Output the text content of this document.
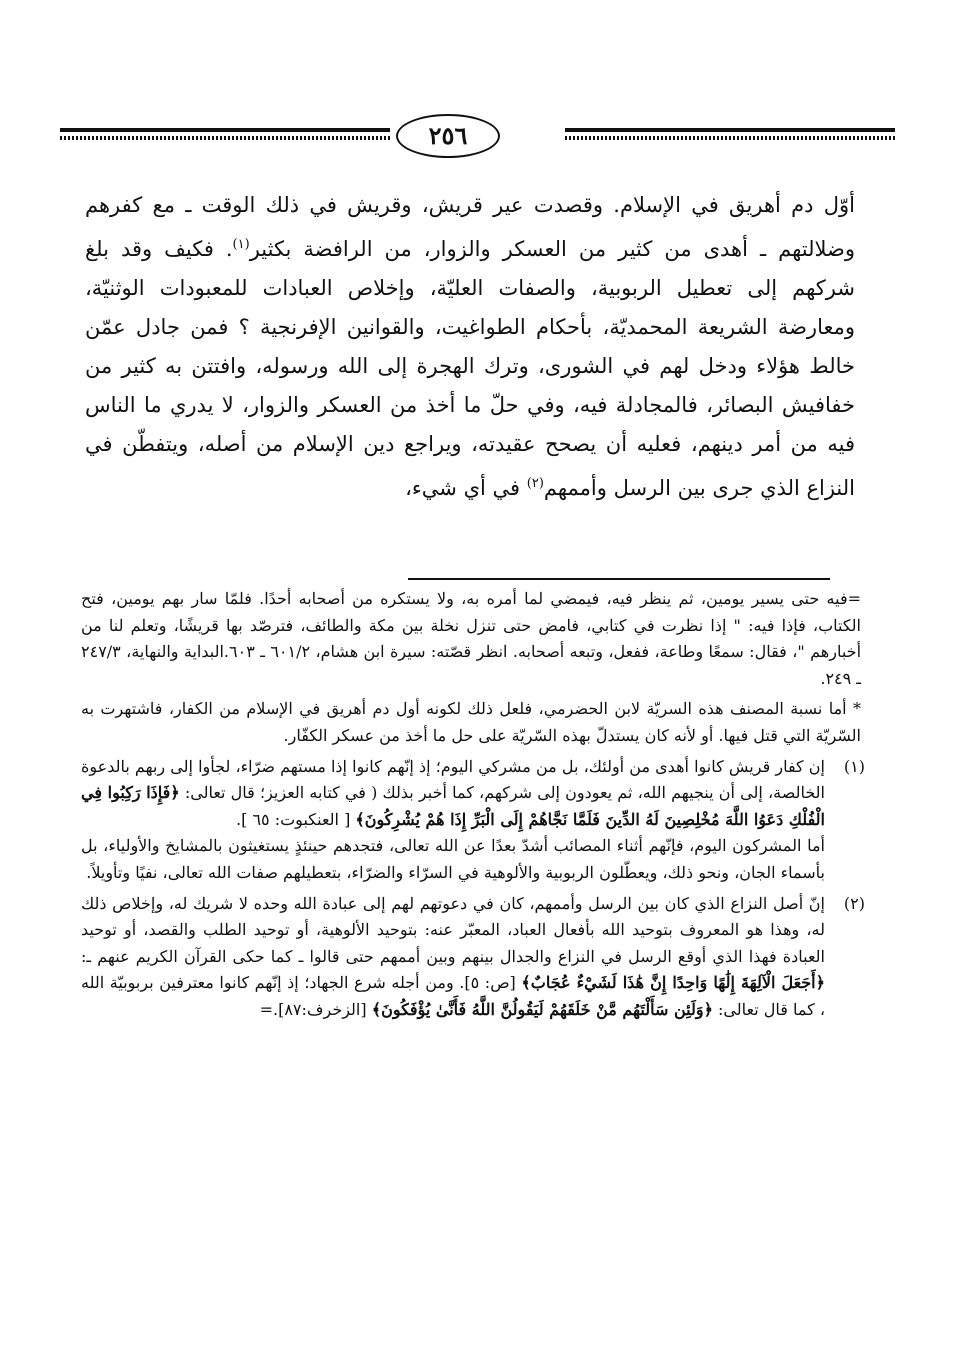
٢٥٦
أوّل دم أهريق في الإسلام. وقصدت عير قريش، وقريش في ذلك الوقت ـ مع كفرهم وضلالتهم ـ أهدى من كثير من العسكر والزوار، من الرافضة بكثير$^{(١)}$. فكيف وقد بلغ شركهم إلى تعطيل الربوبية، والصفات العليّة، وإخلاص العبادات للمعبودات الوثنيّة، ومعارضة الشريعة المحمديّة، بأحكام الطواغيت، والقوانين الإفرنجية ؟ فمن جادل عمّن خالط هؤلاء ودخل لهم في الشورى، وترك الهجرة إلى الله ورسوله، وافتتن به كثير من خفافيش البصائر، فالمجادلة فيه، وفي حلّ ما أخذ من العسكر والزوار، لا يدري ما الناس فيه من أمر دينهم، فعليه أن يصحح عقيدته، ويراجع دين الإسلام من أصله، ويتفطّن في النزاع الذي جرى بين الرسل وأممهم$^{(٢)}$ في أي شيء،

=فيه حتى يسير يومين، ثم ينظر فيه، فيمضي لما أمره به، ولا يستكره من أصحابه أحدًا. فلمّا سار بهم يومين، فتح الكتاب، فإذا فيه: " إذا نظرت في كتابي، فامض حتى تنزل نخلة بين مكة والطائف، فترصّد بها قريشًا، وتعلم لنا من أخبارهم "، فقال: سمعًا وطاعة، ففعل، وتبعه أصحابه. انظر قصّته: سيرة ابن هشام، ٦٠١/٢ ـ ٦٠٣.البداية والنهاية، ٢٤٧/٣ ـ ٢٤٩.

* أما نسبة المصنف هذه السريّة لابن الحضرمي، فلعل ذلك لكونه أول دم أهريق في الإسلام من الكفار، فاشتهرت به السّريّة التي قتل فيها. أو لأنه كان يستدلّ بهذه السّريّة على حل ما أخذ من عسكر الكفّار.

(١)
إن كفار قريش كانوا أهدى من أولئك، بل من مشركي اليوم؛ إذ إنّهم كانوا إذا مستهم ضرّاء، لجأوا إلى ربهم بالدعوة الخالصة، إلى أن ينجيهم الله، ثم يعودون إلى شركهم، كما أخبر بذلك ( في كتابه العزيز؛ قال تعالى: ﴿فَإِذَا رَكِبُوا فِي الْفُلْكِ دَعَوُا اللَّهَ مُخْلِصِينَ لَهُ الدِّينَ فَلَمَّا نَجَّاهُمْ إِلَى الْبَرِّ إِذَا هُمْ يُشْرِكُونَ﴾ [ العنكبوت: ٦٥ ].
أما المشركون اليوم، فإنّهم أثناء المصائب أشدّ بعدًا عن الله تعالى، فتجدهم حينئذٍ يستغيثون بالمشايخ والأولياء، بل بأسماء الجان، ونحو ذلك، ويعطّلون الربوبية والألوهية في السرّاء والضرّاء، بتعطيلهم صفات الله تعالى، نفيًا وتأويلاً.
(٢)
إنّ أصل النزاع الذي كان بين الرسل وأممهم، كان في دعوتهم لهم إلى عبادة الله وحده لا شريك له، وإخلاص ذلك له، وهذا هو المعروف بتوحيد الله بأفعال العباد، المعبّر عنه: بتوحيد الألوهية، أو توحيد الطلب والقصد، أو توحيد العبادة فهذا الذي أوقع الرسل في النزاع والجدال بينهم وبين أممهم حتى قالوا ـ كما حكى القرآن الكريم عنهم ـ: ﴿أَجَعَلَ الْآلِهَةَ إِلَٰهًا وَاحِدًا إِنَّ هَٰذَا لَشَيْءٌ عُجَابٌ﴾ [ص: ٥]. ومن أجله شرع الجهاد؛ إذ إنّهم كانوا معترفين بربوبيّة الله ، كما قال تعالى: ﴿وَلَئِن سَأَلْتَهُم مَّنْ خَلَقَهُمْ لَيَقُولُنَّ اللَّهُ فَأَنَّىٰ يُؤْفَكُونَ﴾ [الزخرف:٨٧].=
